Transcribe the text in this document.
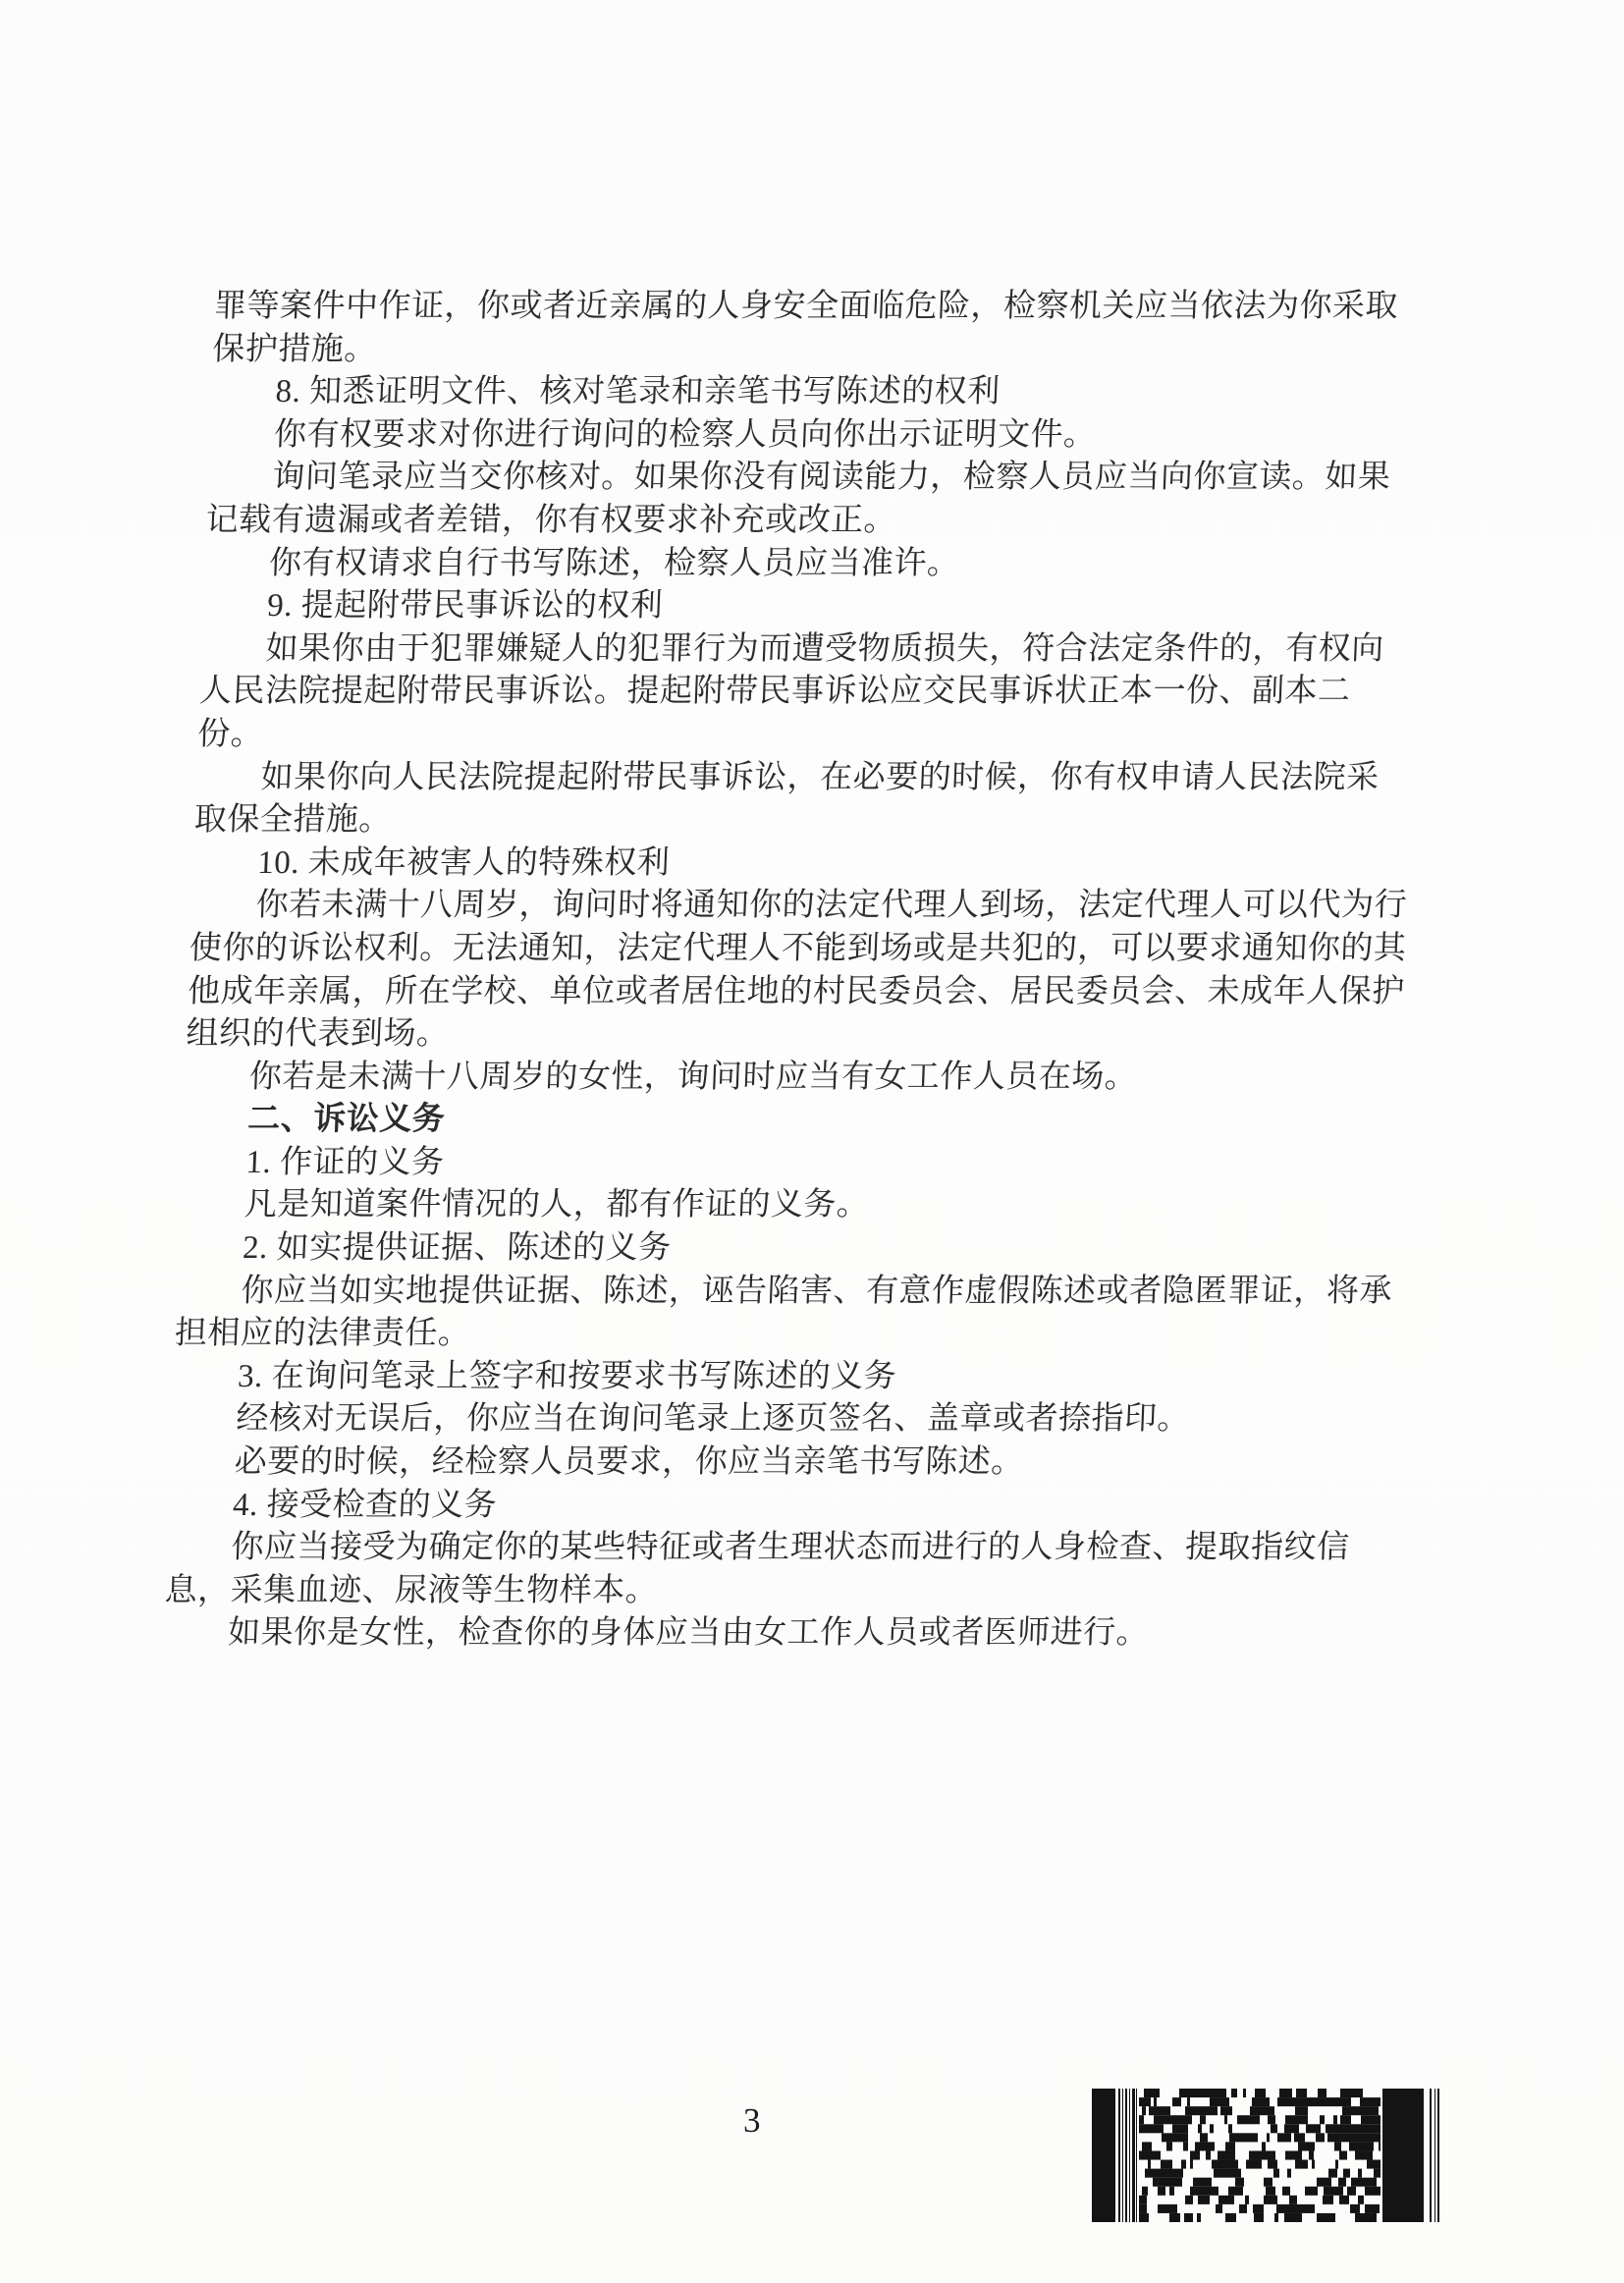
罪等案件中作证，你或者近亲属的人身安全面临危险，检察机关应当依法为你采取
保护措施。
8. 知悉证明文件、核对笔录和亲笔书写陈述的权利
你有权要求对你进行询问的检察人员向你出示证明文件。
询问笔录应当交你核对。如果你没有阅读能力，检察人员应当向你宣读。如果
记载有遗漏或者差错，你有权要求补充或改正。
你有权请求自行书写陈述，检察人员应当准许。
9. 提起附带民事诉讼的权利
如果你由于犯罪嫌疑人的犯罪行为而遭受物质损失，符合法定条件的，有权向
人民法院提起附带民事诉讼。提起附带民事诉讼应交民事诉状正本一份、副本二
份。
如果你向人民法院提起附带民事诉讼，在必要的时候，你有权申请人民法院采
取保全措施。
10. 未成年被害人的特殊权利
你若未满十八周岁，询问时将通知你的法定代理人到场，法定代理人可以代为行
使你的诉讼权利。无法通知，法定代理人不能到场或是共犯的，可以要求通知你的其
他成年亲属，所在学校、单位或者居住地的村民委员会、居民委员会、未成年人保护
组织的代表到场。
你若是未满十八周岁的女性，询问时应当有女工作人员在场。
二、诉讼义务
1. 作证的义务
凡是知道案件情况的人，都有作证的义务。
2. 如实提供证据、陈述的义务
你应当如实地提供证据、陈述，诬告陷害、有意作虚假陈述或者隐匿罪证，将承
担相应的法律责任。
3. 在询问笔录上签字和按要求书写陈述的义务
经核对无误后，你应当在询问笔录上逐页签名、盖章或者捺指印。
必要的时候，经检察人员要求，你应当亲笔书写陈述。
4. 接受检查的义务
你应当接受为确定你的某些特征或者生理状态而进行的人身检查、提取指纹信
息，采集血迹、尿液等生物样本。
如果你是女性，检查你的身体应当由女工作人员或者医师进行。
3
